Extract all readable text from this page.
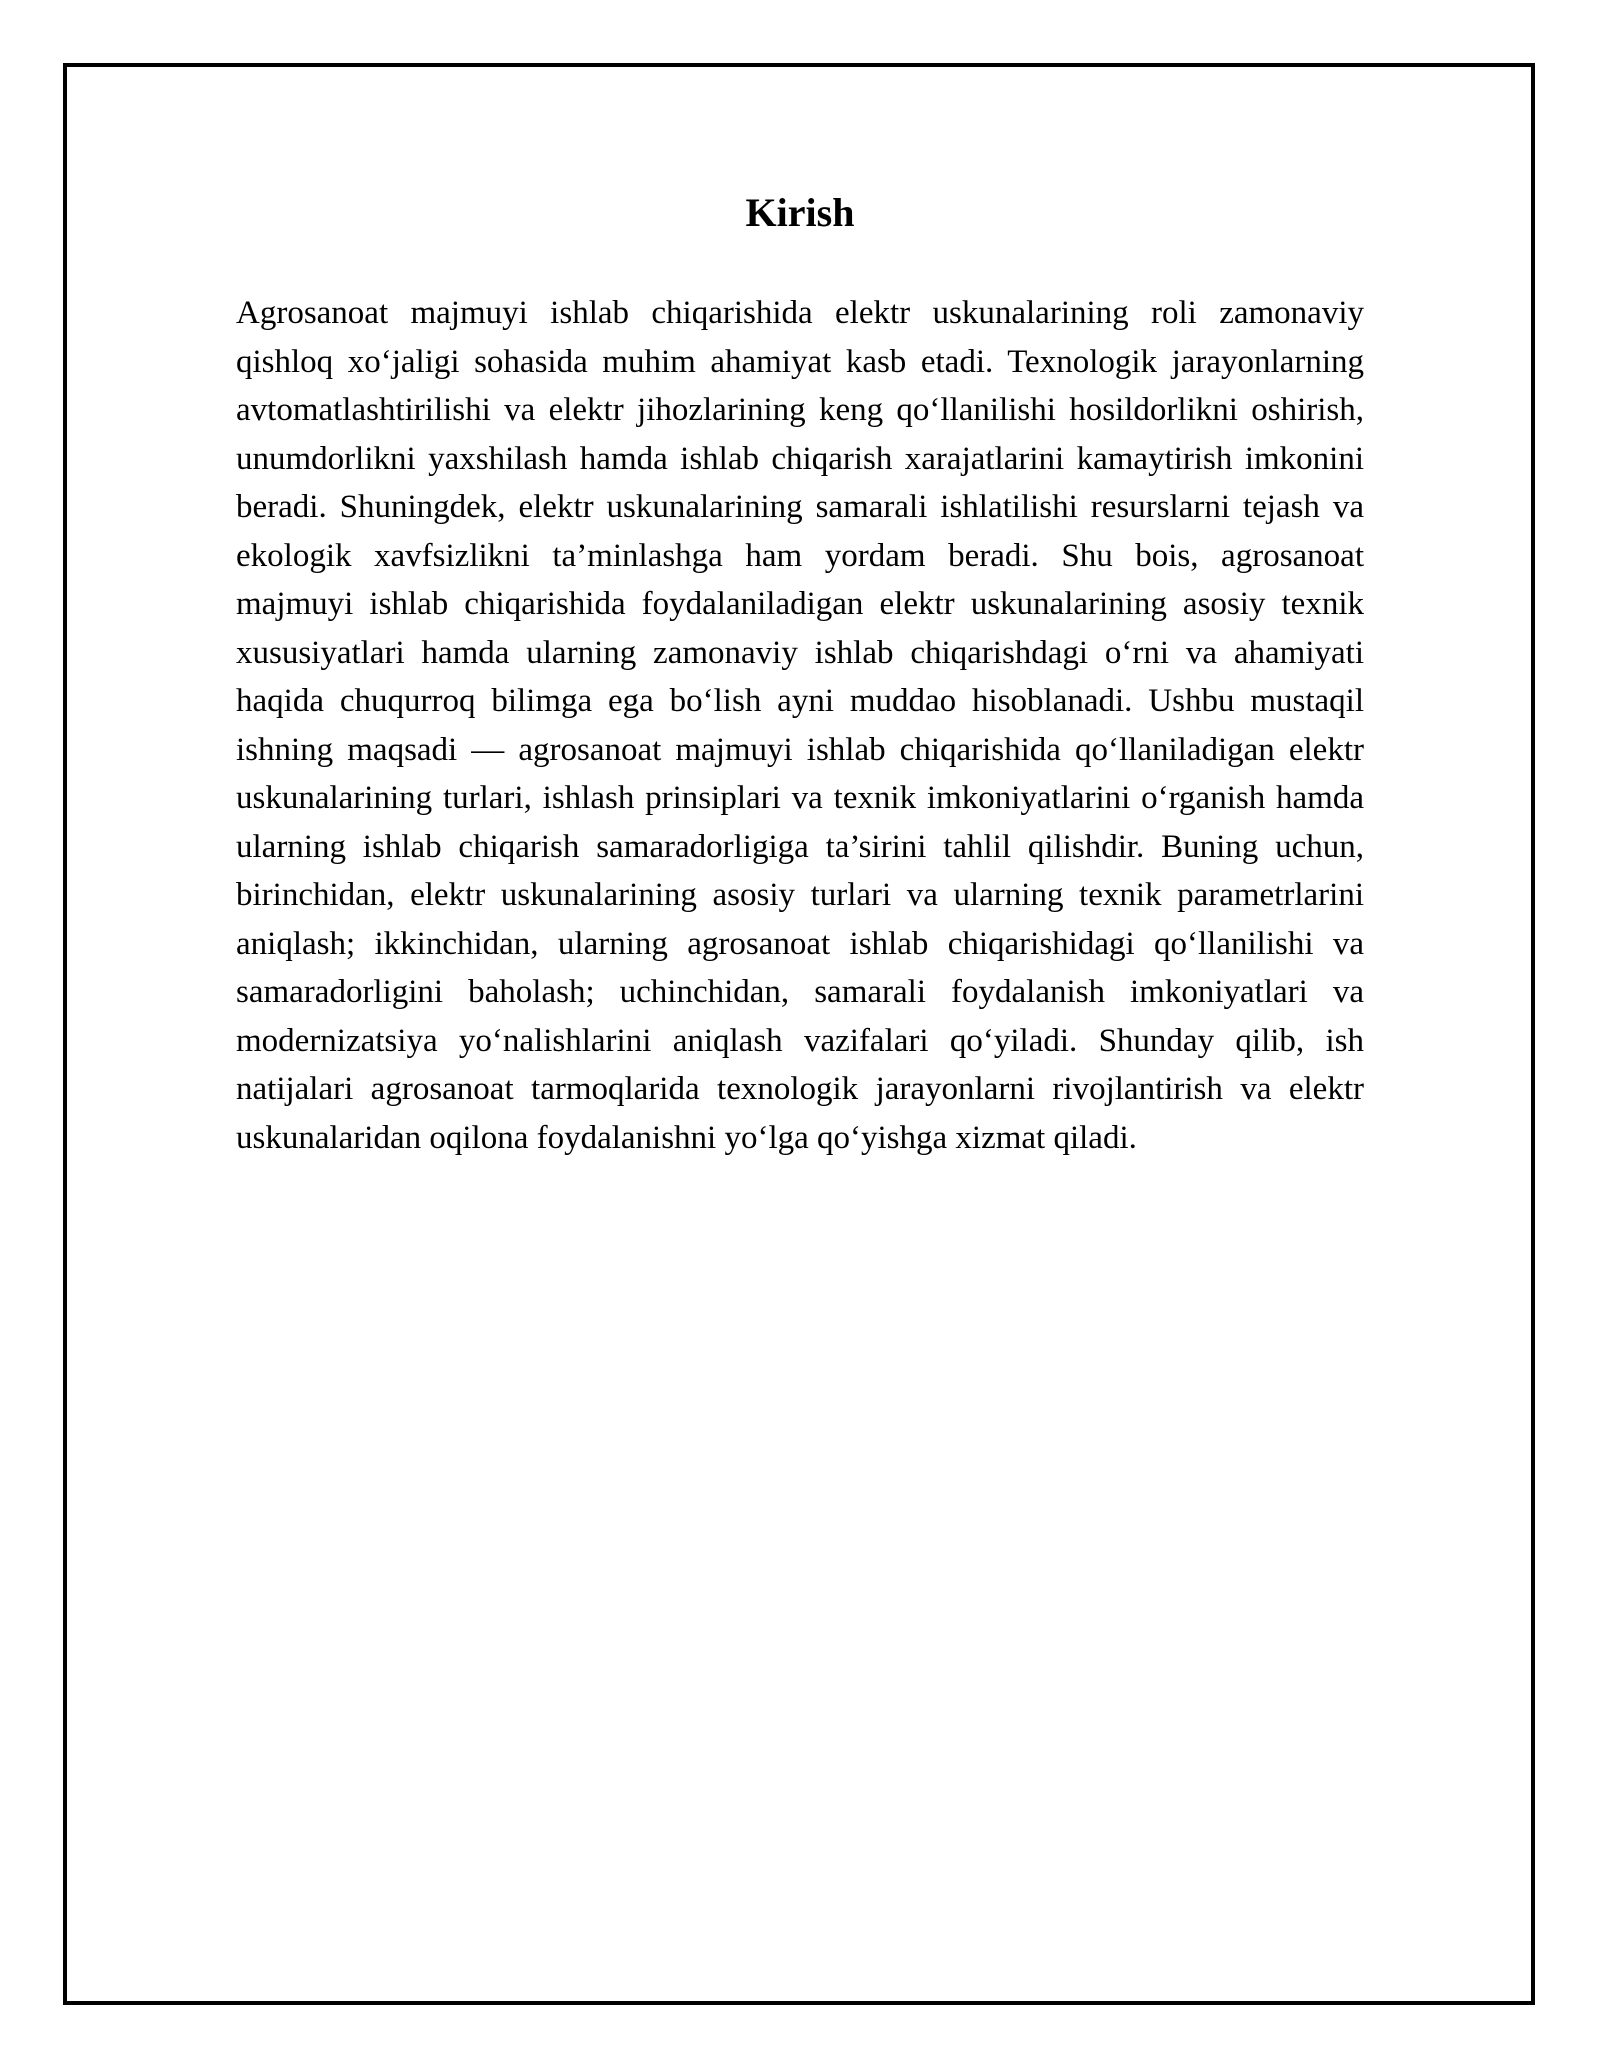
Kirish

Agrosanoat majmuyi ishlab chiqarishida elektr uskunalarining roli zamonaviy qishloq xo‘jaligi sohasida muhim ahamiyat kasb etadi. Texnologik jarayonlarning avtomatlashtirilishi va elektr jihozlarining keng qo‘llanilishi hosildorlikni oshirish, unumdorlikni yaxshilash hamda ishlab chiqarish xarajatlarini kamaytirish imkonini beradi. Shuningdek, elektr uskunalarining samarali ishlatilishi resurslarni tejash va ekologik xavfsizlikni ta’minlashga ham yordam beradi. Shu bois, agrosanoat majmuyi ishlab chiqarishida foydalaniladigan elektr uskunalarining asosiy texnik xususiyatlari hamda ularning zamonaviy ishlab chiqarishdagi o‘rni va ahamiyati haqida chuqurroq bilimga ega bo‘lish ayni muddao hisoblanadi. Ushbu mustaqil ishning maqsadi — agrosanoat majmuyi ishlab chiqarishida qo‘llaniladigan elektr uskunalarining turlari, ishlash prinsiplari va texnik imkoniyatlarini o‘rganish hamda ularning ishlab chiqarish samaradorligiga ta’sirini tahlil qilishdir. Buning uchun, birinchidan, elektr uskunalarining asosiy turlari va ularning texnik parametrlarini aniqlash; ikkinchidan, ularning agrosanoat ishlab chiqarishidagi qo‘llanilishi va samaradorligini baholash; uchinchidan, samarali foydalanish imkoniyatlari va modernizatsiya yo‘nalishlarini aniqlash vazifalari qo‘yiladi. Shunday qilib, ish natijalari agrosanoat tarmoqlarida texnologik jarayonlarni rivojlantirish va elektr uskunalaridan oqilona foydalanishni yo‘lga qo‘yishga xizmat qiladi.
